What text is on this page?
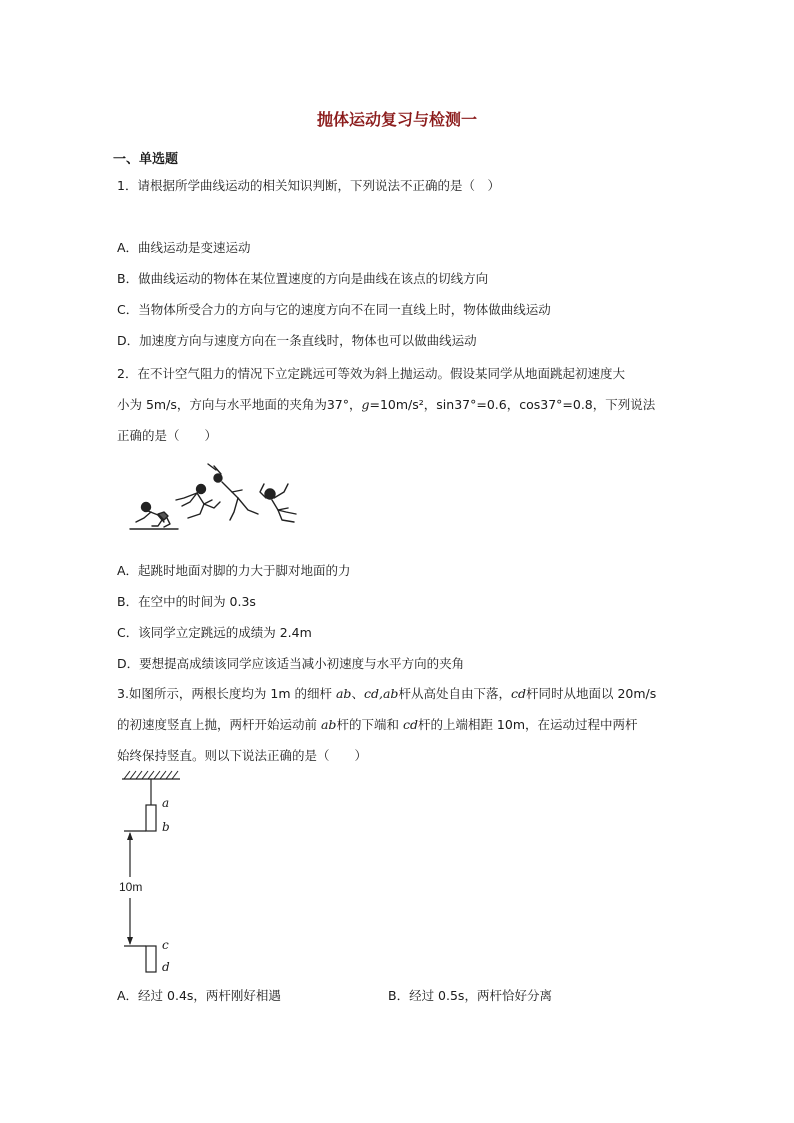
抛体运动复习与检测一
一、单选题
1．请根据所学曲线运动的相关知识判断，下列说法不正确的是（　）
A．曲线运动是变速运动
B．做曲线运动的物体在某位置速度的方向是曲线在该点的切线方向
C．当物体所受合力的方向与它的速度方向不在同一直线上时，物体做曲线运动
D．加速度方向与速度方向在一条直线时，物体也可以做曲线运动
2．在不计空气阻力的情况下立定跳远可等效为斜上抛运动。假设某同学从地面跳起初速度大
小为 5m/s，方向与水平地面的夹角为37°，g=10m/s²，sin37°=0.6，cos37°=0.8，下列说法
正确的是（　　）
A．起跳时地面对脚的力大于脚对地面的力
B．在空中的时间为 0.3s
C．该同学立定跳远的成绩为 2.4m
D．要想提高成绩该同学应该适当减小初速度与水平方向的夹角
3.如图所示，两根长度均为 1m 的细杆 ab、cd,ab杆从高处自由下落，cd杆同时从地面以 20m/s
的初速度竖直上抛，两杆开始运动前 ab杆的下端和 cd杆的上端相距 10m，在运动过程中两杆
始终保持竖直。则以下说法正确的是（　　）
a
b
10m
c
d
A．经过 0.4s，两杆刚好相遇	B．经过 0.5s，两杆恰好分离
